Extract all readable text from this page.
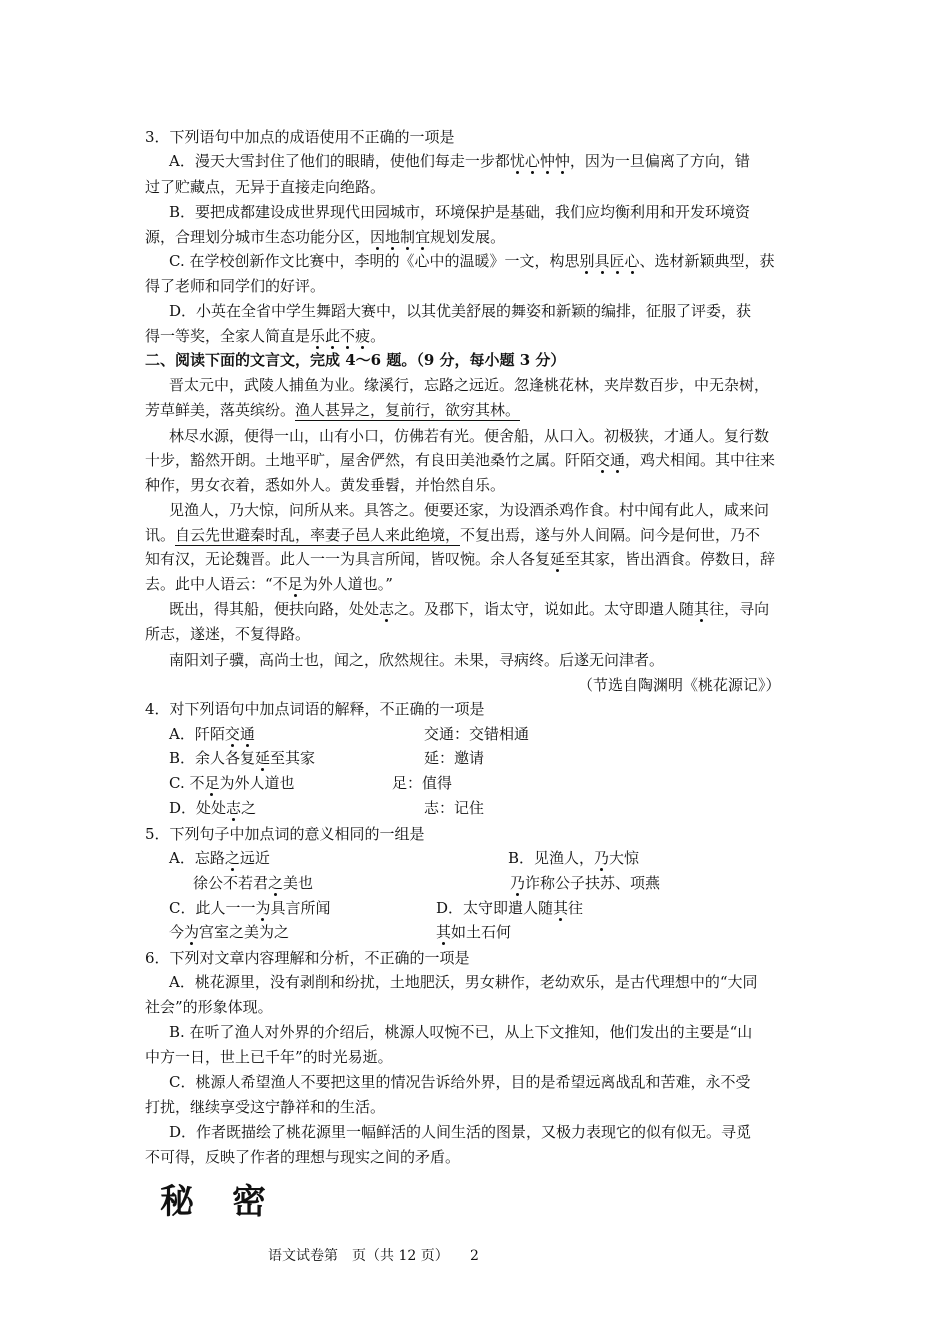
3．下列语句中加点的成语使用不正确的一项是
A．漫天大雪封住了他们的眼睛，使他们每走一步都忧心忡忡，因为一旦偏离了方向，错
过了贮藏点，无异于直接走向绝路。
B．要把成都建设成世界现代田园城市，环境保护是基础，我们应均衡利用和开发环境资
源，合理划分城市生态功能分区，因地制宜规划发展。
C. 在学校创新作文比赛中，李明的《心中的温暖》一文，构思别具匠心、选材新颖典型，获
得了老师和同学们的好评。
D．小英在全省中学生舞蹈大赛中，以其优美舒展的舞姿和新颖的编排，征服了评委，获
得一等奖，全家人简直是乐此不疲。
二、阅读下面的文言文，完成 4～6 题。（9 分，每小题 3 分）
晋太元中，武陵人捕鱼为业。缘溪行，忘路之远近。忽逢桃花林，夹岸数百步，中无杂树，
芳草鲜美，落英缤纷。渔人甚异之，复前行，欲穷其林。
林尽水源，便得一山，山有小口，仿佛若有光。便舍船，从口入。初极狭，才通人。复行数
十步，豁然开朗。土地平旷，屋舍俨然，有良田美池桑竹之属。阡陌交通，鸡犬相闻。其中往来
种作，男女衣着，悉如外人。黄发垂髫，并怡然自乐。
见渔人，乃大惊，问所从来。具答之。便要还家，为设酒杀鸡作食。村中闻有此人，咸来问
讯。自云先世避秦时乱，率妻子邑人来此绝境，不复出焉，遂与外人间隔。问今是何世，乃不
知有汉，无论魏晋。此人一一为具言所闻，皆叹惋。余人各复延至其家，皆出酒食。停数日，辞
去。此中人语云：“不足为外人道也。”
既出，得其船，便扶向路，处处志之。及郡下，诣太守，说如此。太守即遣人随其往，寻向
所志，遂迷，不复得路。
南阳刘子骥，高尚士也，闻之，欣然规往。未果，寻病终。后遂无问津者。
（节选自陶渊明《桃花源记》）
4．对下列语句中加点词语的解释，不正确的一项是
A．阡陌交通	交通：交错相通
B．余人各复延至其家	延：邀请
C. 不足为外人道也	足：值得
D．处处志之	志：记住
5．下列句子中加点词的意义相同的一组是
A．忘路之远近
徐公不若君之美也
B．见渔人，乃大惊
乃诈称公子扶苏、项燕
C．此人一一为具言所闻
今为宫室之美为之
D．太守即遣人随其往
其如土石何
6．下列对文章内容理解和分析，不正确的一项是
A．桃花源里，没有剥削和纷扰，土地肥沃，男女耕作，老幼欢乐，是古代理想中的“大同
社会”的形象体现。
B. 在听了渔人对外界的介绍后，桃源人叹惋不已，从上下文推知，他们发出的主要是“山
中方一日，世上已千年”的时光易逝。
C．桃源人希望渔人不要把这里的情况告诉给外界，目的是希望远离战乱和苦难，永不受
打扰，继续享受这宁静祥和的生活。
D．作者既描绘了桃花源里一幅鲜活的人间生活的图景，又极力表现它的似有似无。寻觅
不可得，反映了作者的理想与现实之间的矛盾。
秘密
语文试卷第　页（共 12 页） 2
